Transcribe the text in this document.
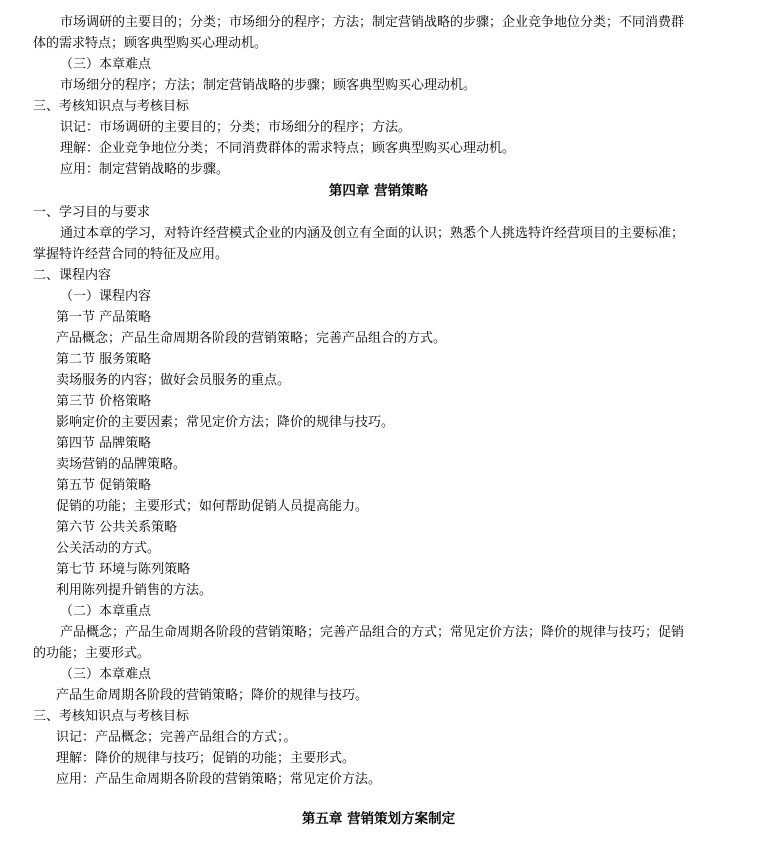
市场调研的主要目的；分类；市场细分的程序；方法；制定营销战略的步骤；企业竞争地位分类；不同消费群
体的需求特点；顾客典型购买心理动机。
（三）本章难点
市场细分的程序；方法；制定营销战略的步骤；顾客典型购买心理动机。
三、考核知识点与考核目标
识记：市场调研的主要目的；分类；市场细分的程序；方法。
理解：企业竞争地位分类；不同消费群体的需求特点；顾客典型购买心理动机。
应用：制定营销战略的步骤。
第四章 营销策略
一、学习目的与要求
通过本章的学习，对特许经营模式企业的内涵及创立有全面的认识；熟悉个人挑选特许经营项目的主要标准；
掌握特许经营合同的特征及应用。
二、课程内容
（一）课程内容
第一节 产品策略
产品概念；产品生命周期各阶段的营销策略；完善产品组合的方式。
第二节 服务策略
卖场服务的内容；做好会员服务的重点。
第三节 价格策略
影响定价的主要因素；常见定价方法；降价的规律与技巧。
第四节 品牌策略
卖场营销的品牌策略。
第五节 促销策略
促销的功能；主要形式；如何帮助促销人员提高能力。
第六节 公共关系策略
公关活动的方式。
第七节 环境与陈列策略
利用陈列提升销售的方法。
（二）本章重点
产品概念；产品生命周期各阶段的营销策略；完善产品组合的方式；常见定价方法；降价的规律与技巧；促销
的功能；主要形式。
（三）本章难点
产品生命周期各阶段的营销策略；降价的规律与技巧。
三、考核知识点与考核目标
识记：产品概念；完善产品组合的方式；。
理解：降价的规律与技巧；促销的功能；主要形式。
应用：产品生命周期各阶段的营销策略；常见定价方法。
第五章 营销策划方案制定
